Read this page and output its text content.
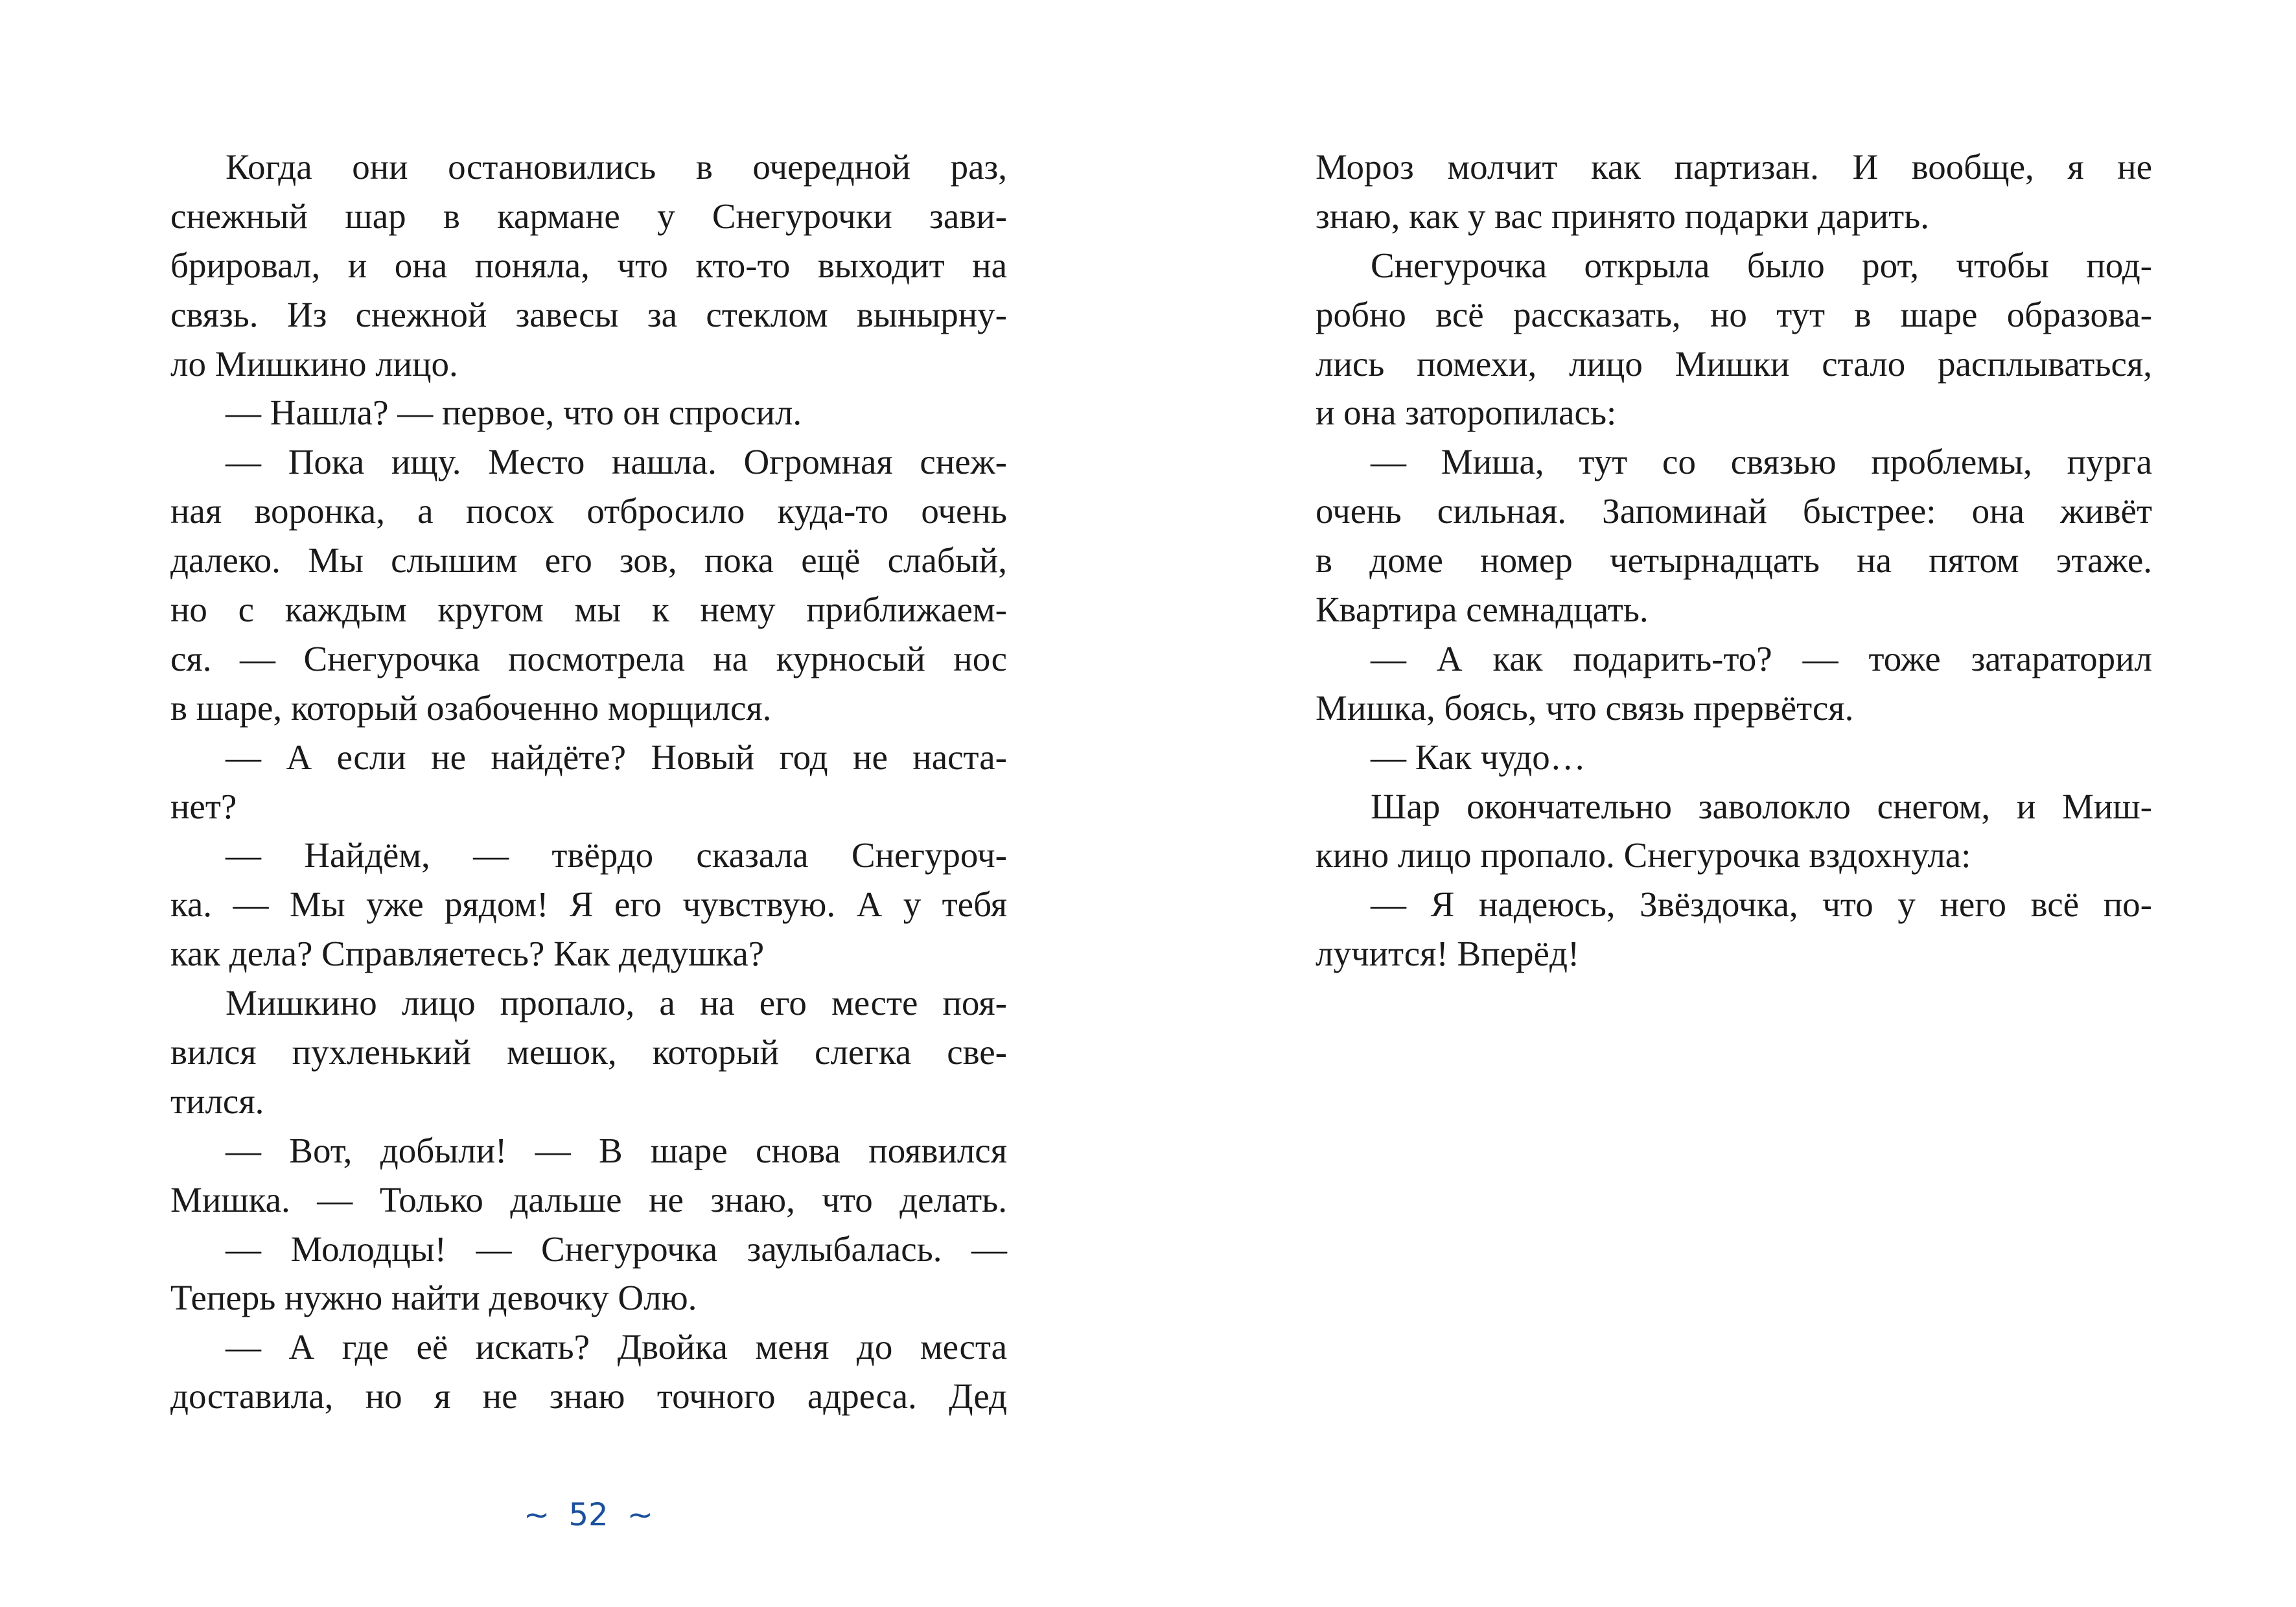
Когда они остановились в очередной раз,
снежный шар в кармане у Снегурочки зави-
брировал, и она поняла, что кто-то выходит на
связь. Из снежной завесы за стеклом вынырну-
ло Мишкино лицо.
— Нашла? — первое, что он спросил.
— Пока ищу. Место нашла. Огромная снеж-
ная воронка, а посох отбросило куда-то очень
далеко. Мы слышим его зов, пока ещё слабый,
но с каждым кругом мы к нему приближаем-
ся. — Снегурочка посмотрела на курносый нос
в шаре, который озабоченно морщился.
— А если не найдёте? Новый год не наста-
нет?
— Найдём, — твёрдо сказала Снегуроч-
ка. — Мы уже рядом! Я его чувствую. А у тебя
как дела? Справляетесь? Как дедушка?
Мишкино лицо пропало, а на его месте поя-
вился пухленький мешок, который слегка све-
тился.
— Вот, добыли! — В шаре снова появился
Мишка. — Только дальше не знаю, что делать.
— Молодцы! — Снегурочка заулыбалась. —
Теперь нужно найти девочку Олю.
— А где её искать? Двойка меня до места
доставила, но я не знаю точного адреса. Дед
Мороз молчит как партизан. И вообще, я не
знаю, как у вас принято подарки дарить.
Снегурочка открыла было рот, чтобы под-
робно всё рассказать, но тут в шаре образова-
лись помехи, лицо Мишки стало расплываться,
и она заторопилась:
— Миша, тут со связью проблемы, пурга
очень сильная. Запоминай быстрее: она живёт
в доме номер четырнадцать на пятом этаже.
Квартира семнадцать.
— А как подарить-то? — тоже затараторил
Мишка, боясь, что связь прервётся.
— Как чудо…
Шар окончательно заволокло снегом, и Миш-
кино лицо пропало. Снегурочка вздохнула:
— Я надеюсь, Звёздочка, что у него всё по-
лучится! Вперёд!
~ 52 ~
